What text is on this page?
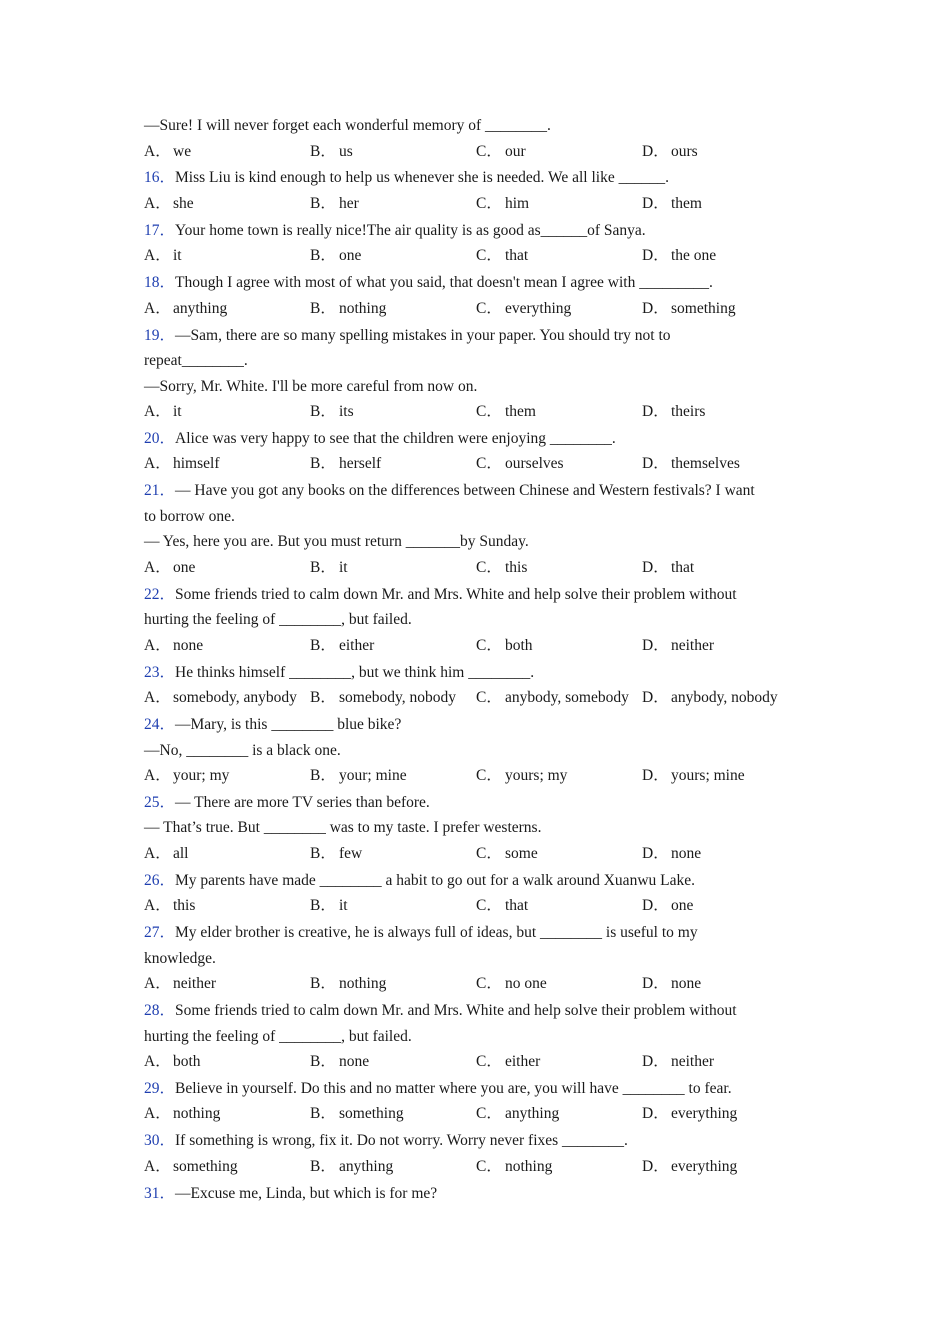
—Sure! I will never forget each wonderful memory of ________.
A． we	B． us	C． our	D． ours
16．Miss Liu is kind enough to help us whenever she is needed. We all like ______.
A． she	B． her	C． him	D． them
17．Your home town is really nice!The air quality is as good as______of Sanya.
A． it	B． one	C． that	D． the one
18．Though I agree with most of what you said, that doesn't mean I agree with _________.
A． anything	B． nothing	C． everything	D． something
19．—Sam, there are so many spelling mistakes in your paper. You should try not to
repeat________.
—Sorry, Mr. White. I'll be more careful from now on.
A． it	B． its	C． them	D． theirs
20．Alice was very happy to see that the children were enjoying ________.
A． himself	B． herself	C． ourselves	D． themselves
21．— Have you got any books on the differences between Chinese and Western festivals? I want
to borrow one.
— Yes, here you are. But you must return _______by Sunday.
A． one	B． it	C． this	D． that
22．Some friends tried to calm down Mr. and Mrs. White and help solve their problem without
hurting the feeling of ________, but failed.
A． none	B． either	C． both	D． neither
23．He thinks himself ________, but we think him ________.
A． somebody, anybody B． somebody, nobody	C． anybody, somebody D． anybody, nobody
24．—Mary, is this ________ blue bike?
—No, ________ is a black one.
A． your; my	B． your; mine	C． yours; my	D． yours; mine
25．— There are more TV series than before.
— That’s true. But ________ was to my taste. I prefer westerns.
A． all	B． few	C． some	D． none
26．My parents have made ________ a habit to go out for a walk around Xuanwu Lake.
A． this	B． it	C． that	D． one
27．My elder brother is creative, he is always full of ideas, but ________ is useful to my
knowledge.
A． neither	B． nothing	C． no one	D． none
28．Some friends tried to calm down Mr. and Mrs. White and help solve their problem without
hurting the feeling of ________, but failed.
A． both	B． none	C． either	D． neither
29．Believe in yourself. Do this and no matter where you are, you will have ________ to fear.
A． nothing	B． something	C． anything	D． everything
30．If something is wrong, fix it. Do not worry. Worry never fixes ________.
A． something	B． anything	C． nothing	D． everything
31．—Excuse me, Linda, but which is for me?
